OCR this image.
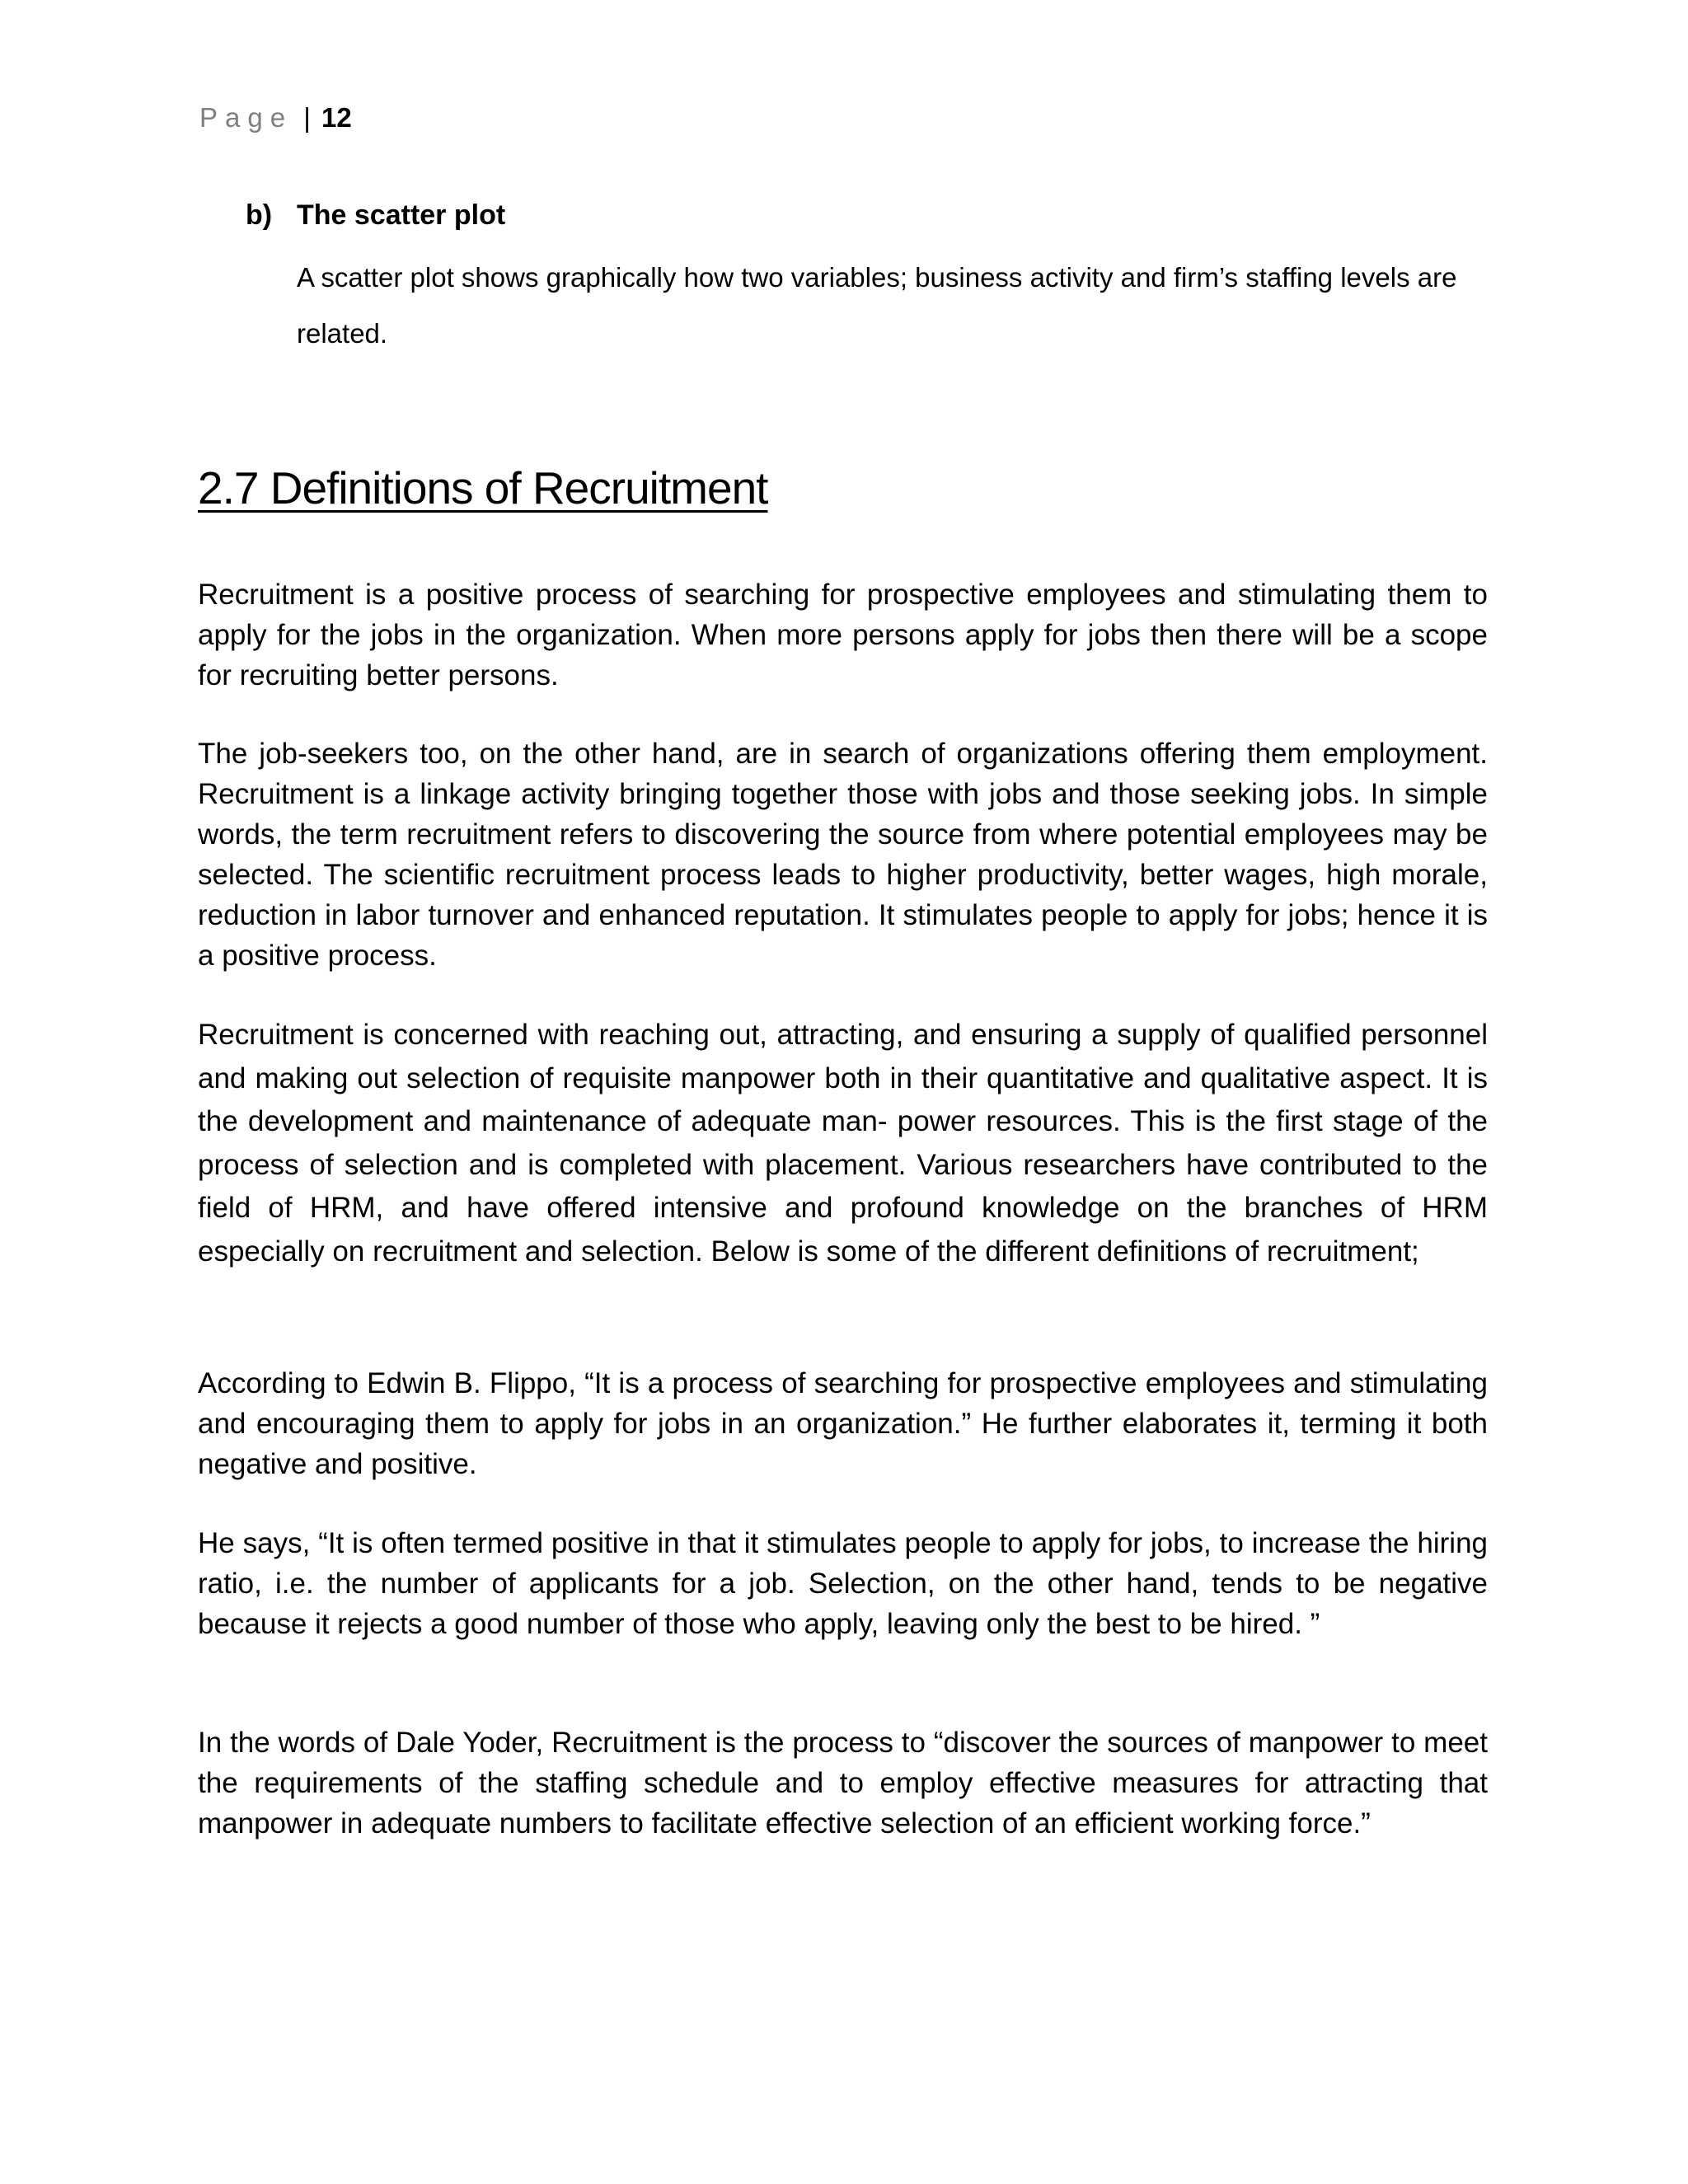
Page | 12
b) The scatter plot
A scatter plot shows graphically how two variables; business activity and firm’s staffing levels are related.
2.7 Definitions of Recruitment

Recruitment is a positive process of searching for prospective employees and stimulating them to apply for the jobs in the organization. When more persons apply for jobs then there will be a scope for recruiting better persons.

The job-seekers too, on the other hand, are in search of organizations offering them employment. Recruitment is a linkage activity bringing together those with jobs and those seeking jobs. In simple words, the term recruitment refers to discovering the source from where potential employees may be selected. The scientific recruitment process leads to higher productivity, better wages, high morale, reduction in labor turnover and enhanced reputation. It stimulates people to apply for jobs; hence it is a positive process.

Recruitment is concerned with reaching out, attracting, and ensuring a supply of qualified personnel and making out selection of requisite manpower both in their quantitative and qualitative aspect. It is the development and maintenance of adequate man- power resources. This is the first stage of the process of selection and is completed with placement. Various researchers have contributed to the field of HRM, and have offered intensive and profound knowledge on the branches of HRM especially on recruitment and selection. Below is some of the different definitions of recruitment;

According to Edwin B. Flippo, “It is a process of searching for prospective employees and stimulating and encouraging them to apply for jobs in an organization.” He further elaborates it, terming it both negative and positive.

He says, “It is often termed positive in that it stimulates people to apply for jobs, to increase the hiring ratio, i.e. the number of applicants for a job. Selection, on the other hand, tends to be negative because it rejects a good number of those who apply, leaving only the best to be hired. ”

In the words of Dale Yoder, Recruitment is the process to “discover the sources of manpower to meet the requirements of the staffing schedule and to employ effective measures for attracting that manpower in adequate numbers to facilitate effective selection of an efficient working force.”
